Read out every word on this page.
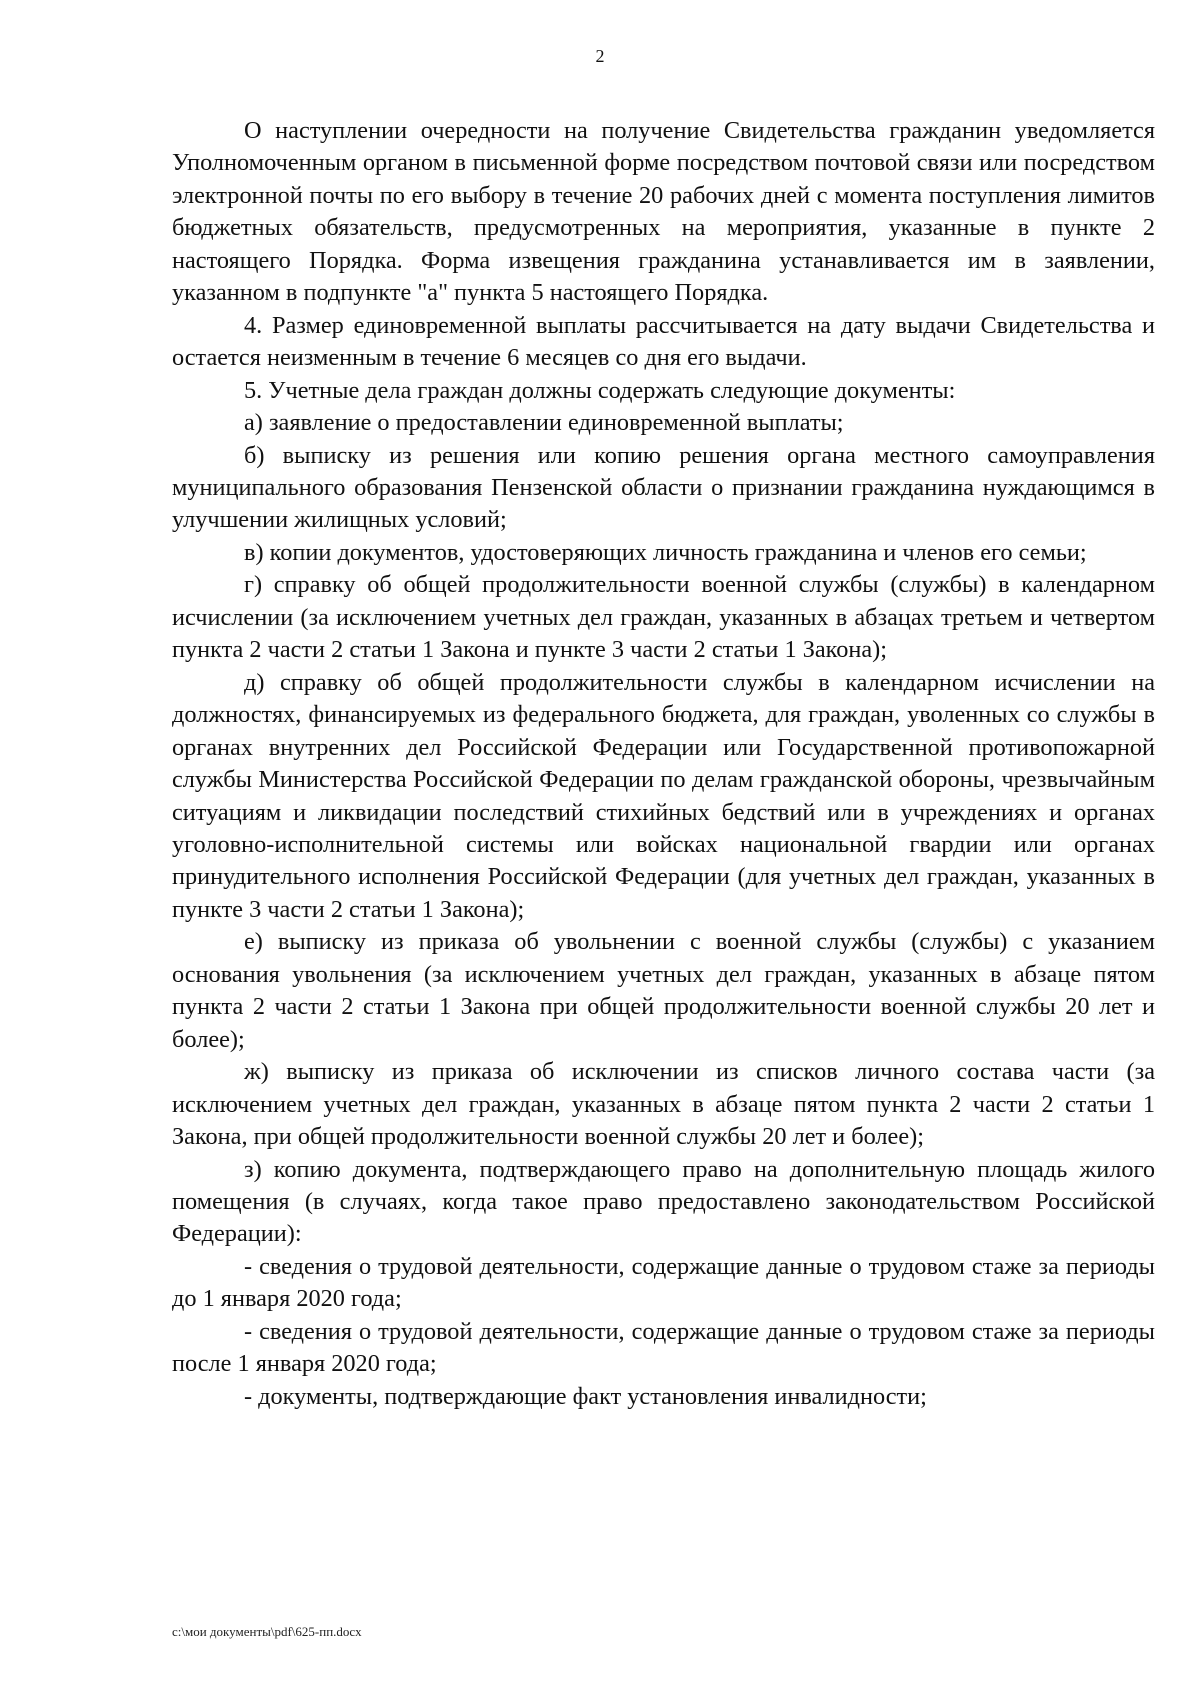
2

О наступлении очередности на получение Свидетельства гражданин уведомляется Уполномоченным органом в письменной форме посредством почтовой связи или посредством электронной почты по его выбору в течение 20 рабочих дней с момента поступления лимитов бюджетных обязательств, предусмотренных на мероприятия, указанные в пункте 2 настоящего Порядка. Форма извещения гражданина устанавливается им в заявлении, указанном в подпункте "а" пункта 5 настоящего Порядка.

4. Размер единовременной выплаты рассчитывается на дату выдачи Свидетельства и остается неизменным в течение 6 месяцев со дня его выдачи.

5. Учетные дела граждан должны содержать следующие документы:

а) заявление о предоставлении единовременной выплаты;

б) выписку из решения или копию решения органа местного самоуправления муниципального образования Пензенской области о признании гражданина нуждающимся в улучшении жилищных условий;

в) копии документов, удостоверяющих личность гражданина и членов его семьи;

г) справку об общей продолжительности военной службы (службы) в календарном исчислении (за исключением учетных дел граждан, указанных в абзацах третьем и четвертом пункта 2 части 2 статьи 1 Закона и пункте 3 части 2 статьи 1 Закона);

д) справку об общей продолжительности службы в календарном исчислении на должностях, финансируемых из федерального бюджета, для граждан, уволенных со службы в органах внутренних дел Российской Федерации или Государственной противопожарной службы Министерства Российской Федерации по делам гражданской обороны, чрезвычайным ситуациям и ликвидации последствий стихийных бедствий или в учреждениях и органах уголовно-исполнительной системы или войсках национальной гвардии или органах принудительного исполнения Российской Федерации (для учетных дел граждан, указанных в пункте 3 части 2 статьи 1 Закона);

е) выписку из приказа об увольнении с военной службы (службы) с указанием основания увольнения (за исключением учетных дел граждан, указанных в абзаце пятом пункта 2 части 2 статьи 1 Закона при общей продолжительности военной службы 20 лет и более);

ж) выписку из приказа об исключении из списков личного состава части (за исключением учетных дел граждан, указанных в абзаце пятом пункта 2 части 2 статьи 1 Закона, при общей продолжительности военной службы 20 лет и более);

з) копию документа, подтверждающего право на дополнительную площадь жилого помещения (в случаях, когда такое право предоставлено законодательством Российской Федерации):

- сведения о трудовой деятельности, содержащие данные о трудовом стаже за периоды до 1 января 2020 года;

- сведения о трудовой деятельности, содержащие данные о трудовом стаже за периоды после 1 января 2020 года;

- документы, подтверждающие факт установления инвалидности;

c:\мои документы\pdf\625-пп.docx
